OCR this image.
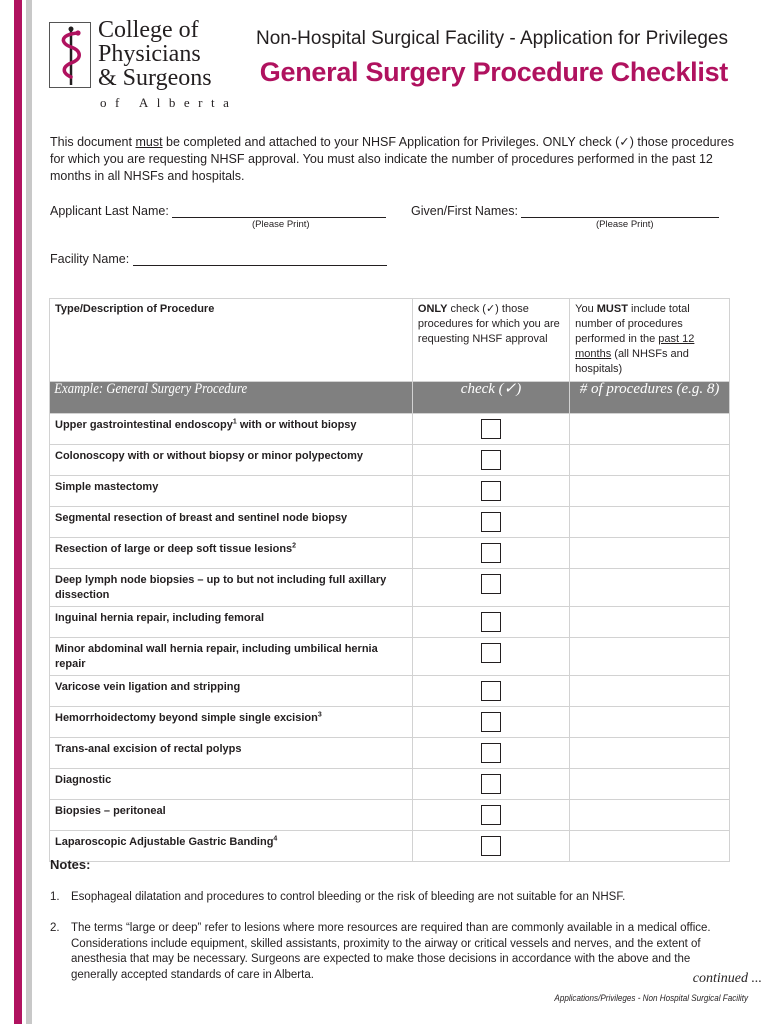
College of
Physicians
& Surgeons
of Alberta
Non-Hospital Surgical Facility - Application for Privileges
General Surgery Procedure Checklist
This document must be completed and attached to your NHSF Application for Privileges. ONLY check (✓) those procedures for which you are requesting NHSF approval. You must also indicate the number of procedures performed in the past 12 months in all NHSFs and hospitals.
Applicant Last Name:
(Please Print)
Given/First Names:
(Please Print)
Facility Name:
Type/Description of Procedure	ONLY check (✓) those procedures for which you are requesting NHSF approval	You MUST include total number of procedures performed in the past 12 months (all NHSFs and hospitals)

Example: General Surgery Procedure	check (✓)	# of procedures (e.g. 8)

Upper gastrointestinal endoscopy$^1$ with or without biopsy		

Colonoscopy with or without biopsy or minor polypectomy		

Simple mastectomy		

Segmental resection of breast and sentinel node biopsy		

Resection of large or deep soft tissue lesions$^2$

Deep lymph node biopsies – up to but not including full axillary dissection		

Inguinal hernia repair, including femoral		

Minor abdominal wall hernia repair, including umbilical hernia repair		

Varicose vein ligation and stripping		

Hemorrhoidectomy beyond simple single excision$^3$

Trans-anal excision of rectal polyps		

Diagnostic		

Biopsies – peritoneal		

Laparoscopic Adjustable Gastric Banding$^4$

Notes:
1. Esophageal dilatation and procedures to control bleeding or the risk of bleeding are not suitable for an NHSF.
2. The terms “large or deep” refer to lesions where more resources are required than are commonly available in a medical office. Considerations include equipment, skilled assistants, proximity to the airway or critical vessels and nerves, and the extent of anesthesia that may be necessary. Surgeons are expected to make those decisions in accordance with the above and the generally accepted standards of care in Alberta.	continued ...
Applications/Privileges - Non Hospital Surgical Facility
